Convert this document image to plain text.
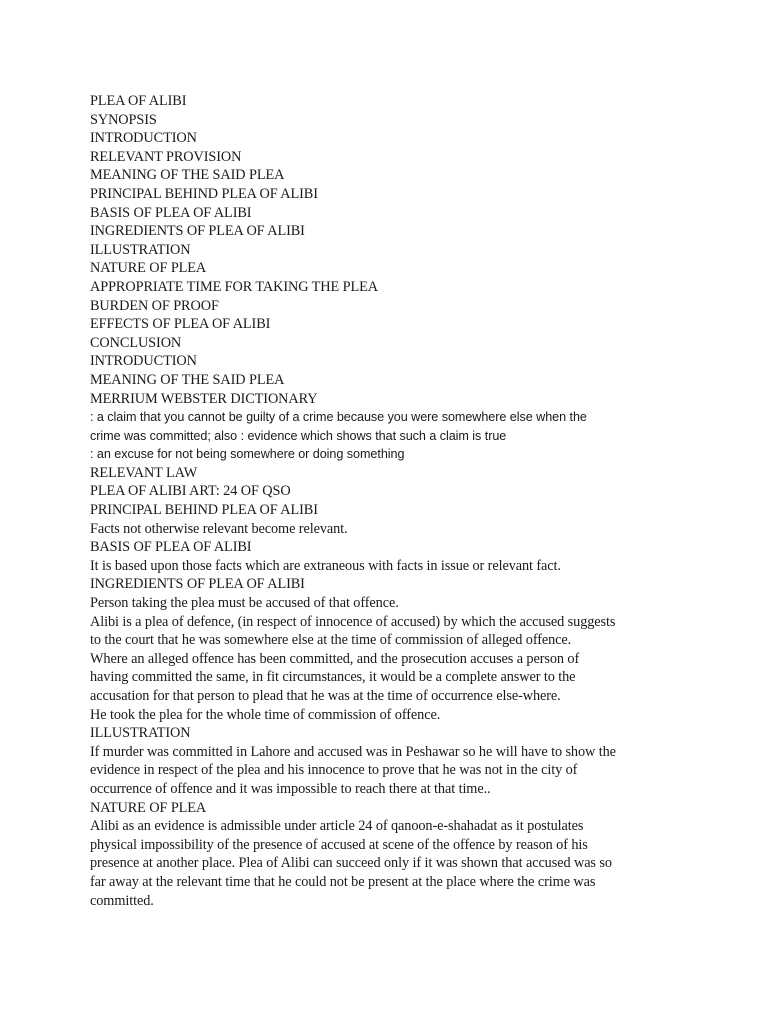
PLEA OF ALIBI
SYNOPSIS
INTRODUCTION
RELEVANT PROVISION
MEANING OF THE SAID PLEA
PRINCIPAL BEHIND PLEA OF ALIBI
BASIS OF PLEA OF ALIBI
INGREDIENTS OF PLEA OF ALIBI
ILLUSTRATION
NATURE OF PLEA
APPROPRIATE TIME FOR TAKING THE PLEA
BURDEN OF PROOF
EFFECTS OF PLEA OF ALIBI
CONCLUSION
INTRODUCTION
MEANING OF THE SAID PLEA
MERRIUM WEBSTER DICTIONARY
: a claim that you cannot be guilty of a crime because you were somewhere else when the
crime was committed; also : evidence which shows that such a claim is true
: an excuse for not being somewhere or doing something
RELEVANT LAW
PLEA OF ALIBI ART: 24 OF QSO
PRINCIPAL BEHIND PLEA OF ALIBI
Facts not otherwise relevant become relevant.
BASIS OF PLEA OF ALIBI
It is based upon those facts which are extraneous with facts in issue or relevant fact.
INGREDIENTS OF PLEA OF ALIBI
Person taking the plea must be accused of that offence.
Alibi is a plea of defence, (in respect of innocence of accused) by which the accused suggests
to the court that he was somewhere else at the time of commission of alleged offence.
Where an alleged offence has been committed, and the prosecution accuses a person of
having committed the same, in fit circumstances, it would be a complete answer to the
accusation for that person to plead that he was at the time of occurrence else-where.
He took the plea for the whole time of commission of offence.
ILLUSTRATION
If murder was committed in Lahore and accused was in Peshawar so he will have to show the
evidence in respect of the plea and his innocence to prove that he was not in the city of
occurrence of offence and it was impossible to reach there at that time..
NATURE OF PLEA
Alibi as an evidence is admissible under article 24 of qanoon-e-shahadat as it postulates
physical impossibility of the presence of accused at scene of the offence by reason of his
presence at another place. Plea of Alibi can succeed only if it was shown that accused was so
far away at the relevant time that he could not be present at the place where the crime was
committed.
